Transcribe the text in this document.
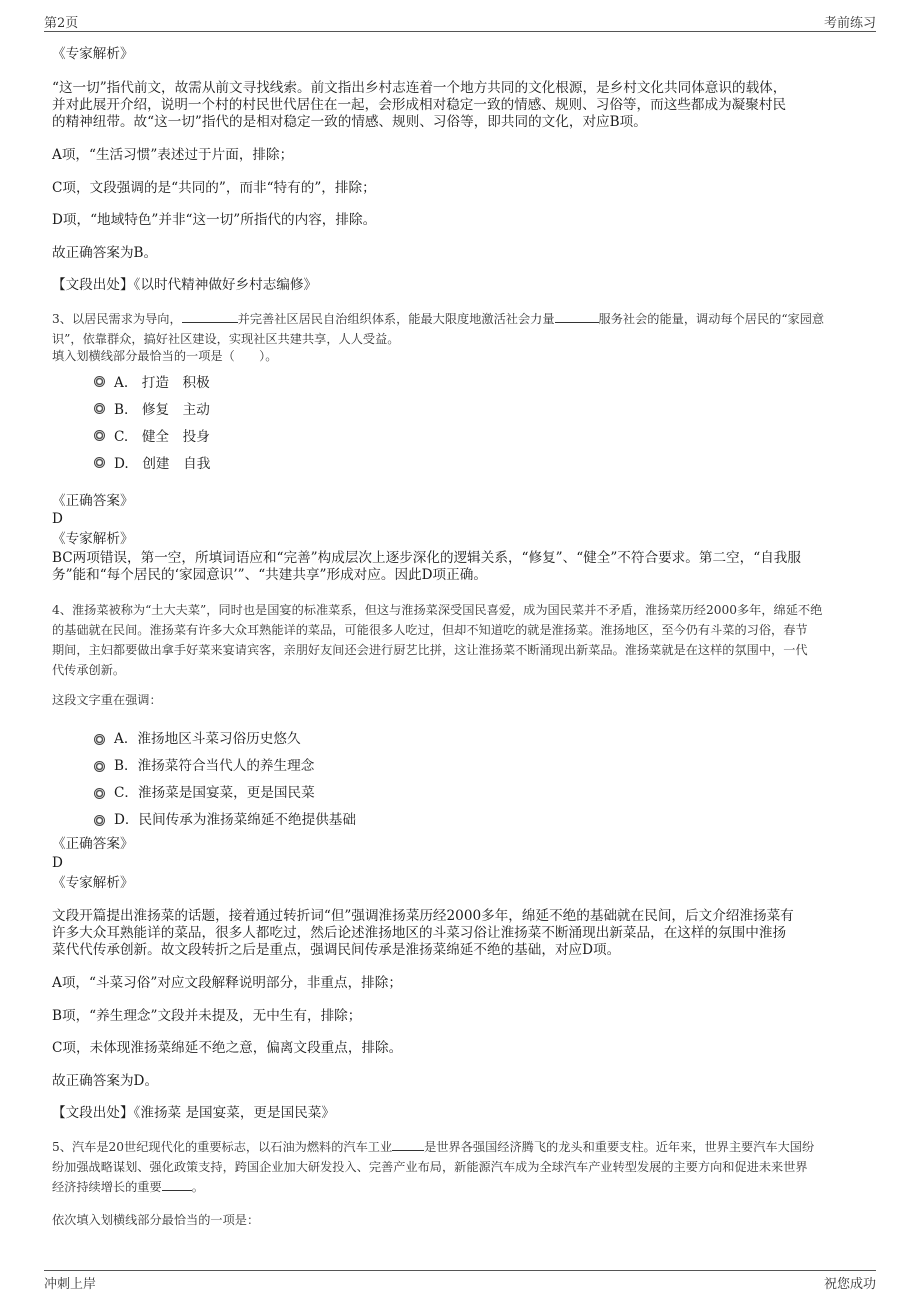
第2页	考前练习
《专家解析》
“这一切”指代前文，故需从前文寻找线索。前文指出乡村志连着一个地方共同的文化根源，是乡村文化共同体意识的载体，
并对此展开介绍，说明一个村的村民世代居住在一起，会形成相对稳定一致的情感、规则、习俗等，而这些都成为凝聚村民
的精神纽带。故“这一切”指代的是相对稳定一致的情感、规则、习俗等，即共同的文化，对应B项。
A项，“生活习惯”表述过于片面，排除；
C项，文段强调的是“共同的”，而非“特有的”，排除；
D项，“地域特色”并非“这一切”所指代的内容，排除。
故正确答案为B。
【文段出处】《以时代精神做好乡村志编修》
3、以居民需求为导向，	并完善社区居民自治组织体系，能最大限度地激活社会力量	服务社会的能量，调动每个居民的“家园意
识”，依靠群众，搞好社区建设，实现社区共建共享，人人受益。
填入划横线部分最恰当的一项是（　　）。
A.　打造　积极
B.　修复　主动
C.　健全　投身
D.　创建　自我
《正确答案》
D
《专家解析》
BC两项错误，第一空，所填词语应和“完善”构成层次上逐步深化的逻辑关系，“修复”、“健全”不符合要求。第二空，“自我服
务”能和“每个居民的‘家园意识’”、“共建共享”形成对应。因此D项正确。
4、淮扬菜被称为“土大夫菜”，同时也是国宴的标准菜系，但这与淮扬菜深受国民喜爱，成为国民菜并不矛盾，淮扬菜历经2000多年，绵延不绝
的基础就在民间。淮扬菜有许多大众耳熟能详的菜品，可能很多人吃过，但却不知道吃的就是淮扬菜。淮扬地区，至今仍有斗菜的习俗，春节
期间，主妇都要做出拿手好菜来宴请宾客，亲朋好友间还会进行厨艺比拼，这让淮扬菜不断涌现出新菜品。淮扬菜就是在这样的氛围中，一代
代传承创新。
这段文字重在强调：
A．淮扬地区斗菜习俗历史悠久
B．淮扬菜符合当代人的养生理念
C．淮扬菜是国宴菜，更是国民菜
D．民间传承为淮扬菜绵延不绝提供基础
《正确答案》
D
《专家解析》
文段开篇提出淮扬菜的话题，接着通过转折词“但”强调淮扬菜历经2000多年，绵延不绝的基础就在民间，后文介绍淮扬菜有
许多大众耳熟能详的菜品，很多人都吃过，然后论述淮扬地区的斗菜习俗让淮扬菜不断涌现出新菜品，在这样的氛围中淮扬
菜代代传承创新。故文段转折之后是重点，强调民间传承是淮扬菜绵延不绝的基础，对应D项。
A项，“斗菜习俗”对应文段解释说明部分，非重点，排除；
B项，“养生理念”文段并未提及，无中生有，排除；
C项，未体现淮扬菜绵延不绝之意，偏离文段重点，排除。
故正确答案为D。
【文段出处】《淮扬菜 是国宴菜，更是国民菜》
5、汽车是20世纪现代化的重要标志，以石油为燃料的汽车工业	是世界各强国经济腾飞的龙头和重要支柱。近年来，世界主要汽车大国纷
纷加强战略谋划、强化政策支持，跨国企业加大研发投入、完善产业布局，新能源汽车成为全球汽车产业转型发展的主要方向和促进未来世界
经济持续增长的重要 。
依次填入划横线部分最恰当的一项是：
冲刺上岸	祝您成功
